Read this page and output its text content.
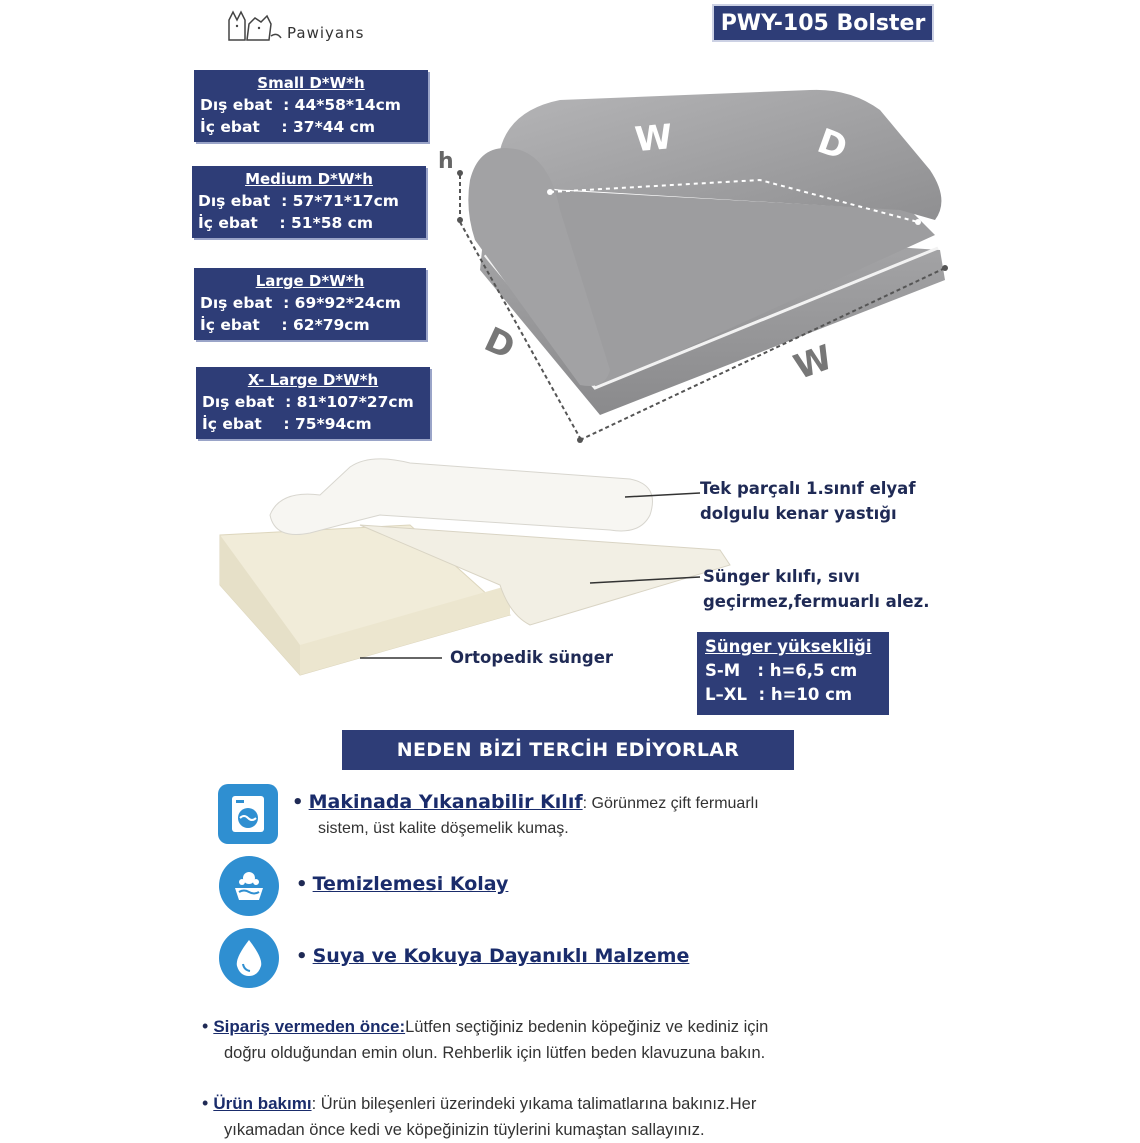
Pawiyans	PWY-105 Bolster
Small D*W*h
Dış ebat : 44*58*14cm
İç ebat : 37*44 cm
Medium D*W*h
Dış ebat : 57*71*17cm
İç ebat : 51*58 cm
Large D*W*h
Dış ebat : 69*92*24cm
İç ebat : 62*79cm
X- Large D*W*h
Dış ebat : 81*107*27cm
İç ebat : 75*94cm
h
W	D
D	W
Tek parçalı 1.sınıf elyaf
dolgulu kenar yastığı
Sünger kılıfı, sıvı
geçirmez,fermuarlı alez.
Ortopedik sünger
Sünger yüksekliği
S-M   : h=6,5 cm
L–XL  : h=10 cm
NEDEN BİZİ TERCİH EDİYORLAR
• Makinada Yıkanabilir Kılıf: Görünmez çift fermuarlı
sistem, üst kalite döşemelik kumaş.
• Temizlemesi Kolay
• Suya ve Kokuya Dayanıklı Malzeme
• Sipariş vermeden önce:Lütfen seçtiğiniz bedenin köpeğiniz ve kediniz için
doğru olduğundan emin olun. Rehberlik için lütfen beden klavuzuna bakın.
• Ürün bakımı: Ürün bileşenleri üzerindeki yıkama talimatlarına bakınız.Her
yıkamadan önce kedi ve köpeğinizin tüylerini kumaştan sallayınız.
